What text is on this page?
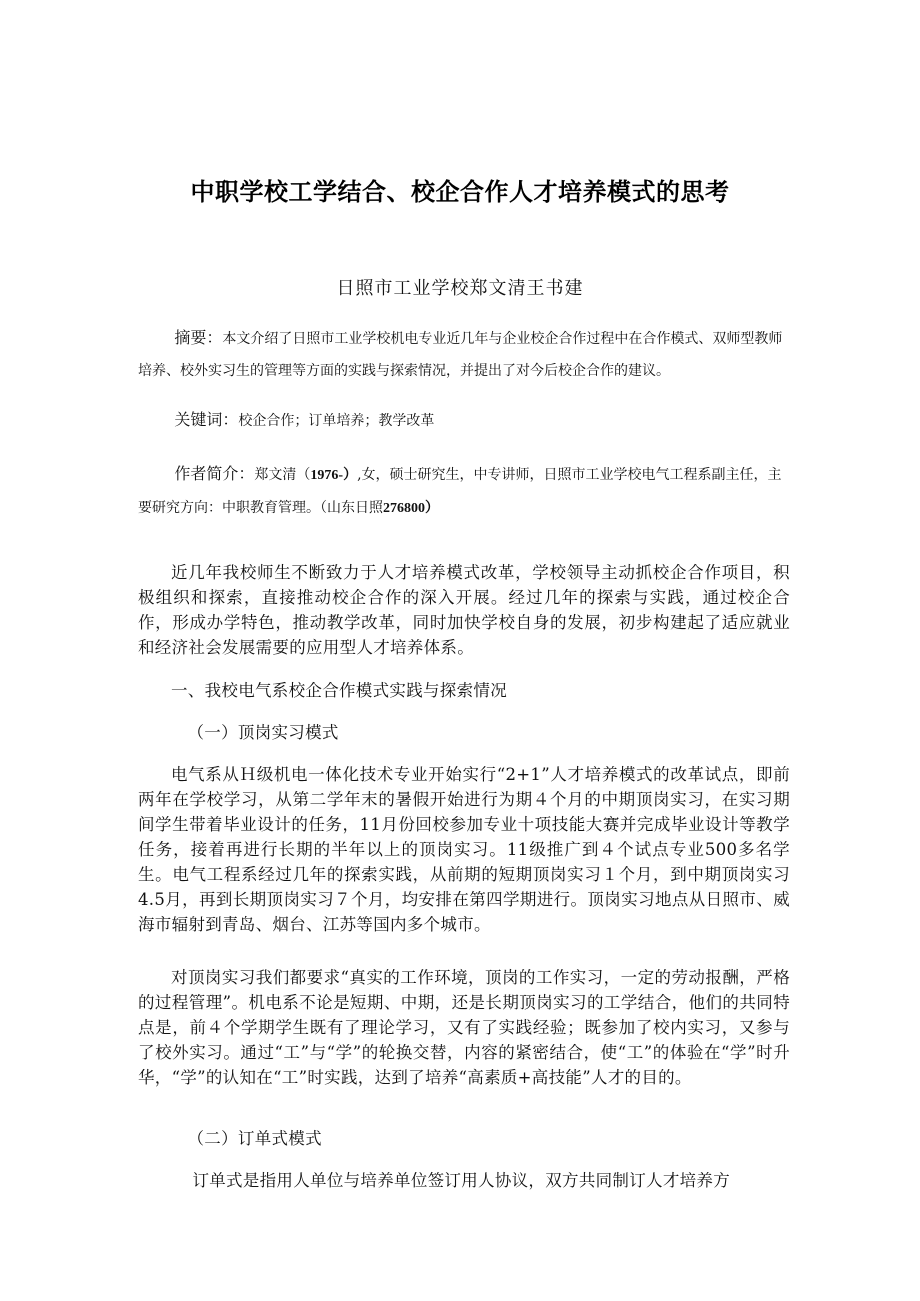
中职学校工学结合、校企合作人才培养模式的思考
日照市工业学校郑文清王书建
摘要：本文介绍了日照市工业学校机电专业近几年与企业校企合作过程中在合作模式、双师型教师培养、校外实习生的管理等方面的实践与探索情况，并提出了对今后校企合作的建议。
关键词：校企合作；订单培养；教学改革
作者简介：郑文清（1976-）,女，硕士研究生，中专讲师，日照市工业学校电气工程系副主任，主要研究方向：中职教育管理。（山东日照276800）
近几年我校师生不断致力于人才培养模式改革，学校领导主动抓校企合作项目，积极组织和探索，直接推动校企合作的深入开展。经过几年的探索与实践，通过校企合作，形成办学特色，推动教学改革，同时加快学校自身的发展，初步构建起了适应就业和经济社会发展需要的应用型人才培养体系。
一、我校电气系校企合作模式实践与探索情况
（一）顶岗实习模式
电气系从Ｈ级机电一体化技术专业开始实行“2+1”人才培养模式的改革试点，即前两年在学校学习，从第二学年末的暑假开始进行为期４个月的中期顶岗实习，在实习期间学生带着毕业设计的任务，11月份回校参加专业十项技能大赛并完成毕业设计等教学任务，接着再进行长期的半年以上的顶岗实习。11级推广到４个试点专业500多名学生。电气工程系经过几年的探索实践，从前期的短期顶岗实习１个月，到中期顶岗实习4.5月，再到长期顶岗实习７个月，均安排在第四学期进行。顶岗实习地点从日照市、威海市辐射到青岛、烟台、江苏等国内多个城市。
对顶岗实习我们都要求“真实的工作环境，顶岗的工作实习，一定的劳动报酬，严格的过程管理”。机电系不论是短期、中期，还是长期顶岗实习的工学结合，他们的共同特点是，前４个学期学生既有了理论学习，又有了实践经验；既参加了校内实习，又参与了校外实习。通过“工”与“学”的轮换交替，内容的紧密结合，使“工”的体验在“学”时升华，“学”的认知在“工”时实践，达到了培养“高素质+高技能”人才的目的。
（二）订单式模式
订单式是指用人单位与培养单位签订用人协议，双方共同制订人才培养方
